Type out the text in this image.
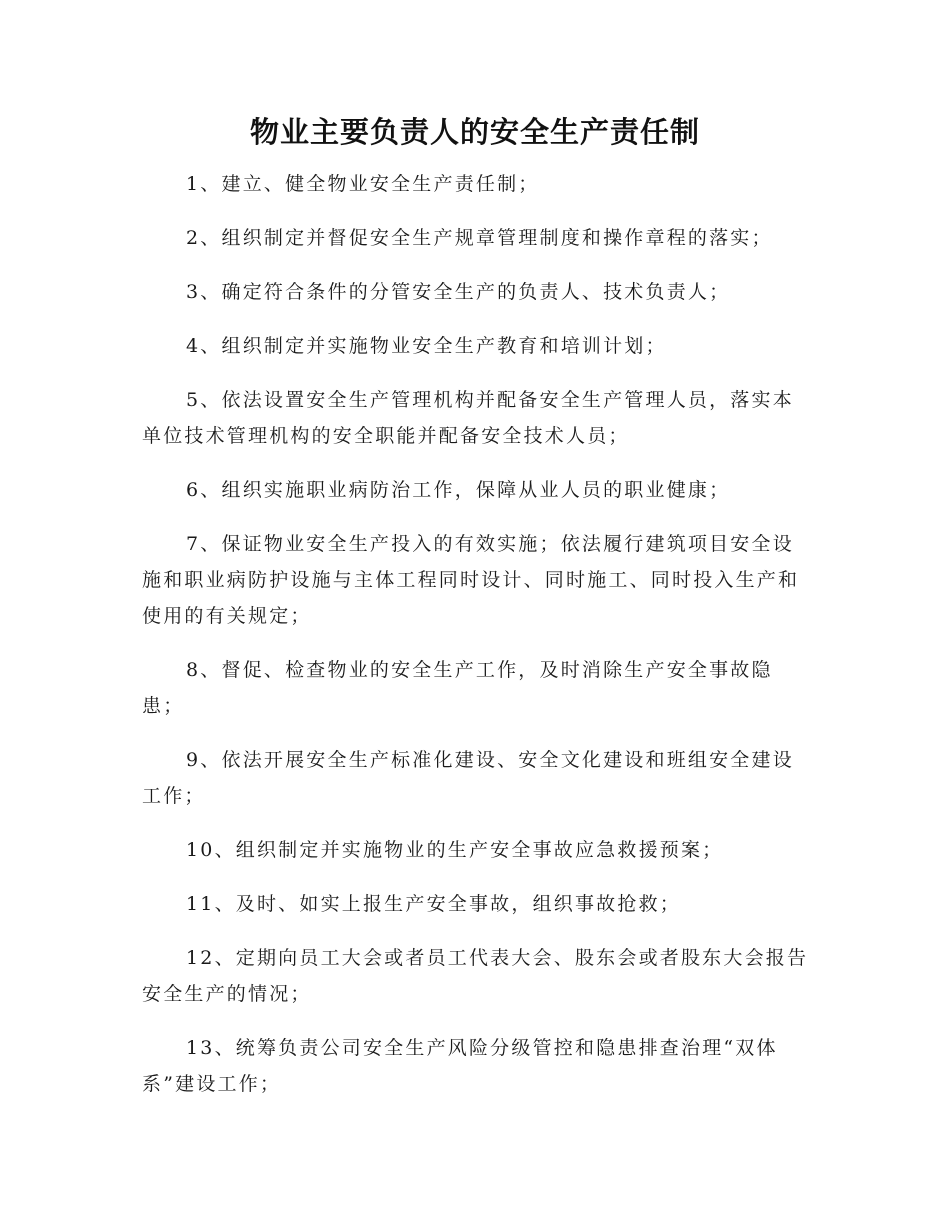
物业主要负责人的安全生产责任制

1、建立、健全物业安全生产责任制；

2、组织制定并督促安全生产规章管理制度和操作章程的落实；

3、确定符合条件的分管安全生产的负责人、技术负责人；

4、组织制定并实施物业安全生产教育和培训计划；

5、依法设置安全生产管理机构并配备安全生产管理人员，落实本单位技术管理机构的安全职能并配备安全技术人员；

6、组织实施职业病防治工作，保障从业人员的职业健康；

7、保证物业安全生产投入的有效实施；依法履行建筑项目安全设施和职业病防护设施与主体工程同时设计、同时施工、同时投入生产和使用的有关规定；

8、督促、检查物业的安全生产工作，及时消除生产安全事故隐患；

9、依法开展安全生产标准化建设、安全文化建设和班组安全建设工作；

10、组织制定并实施物业的生产安全事故应急救援预案；

11、及时、如实上报生产安全事故，组织事故抢救；

12、定期向员工大会或者员工代表大会、股东会或者股东大会报告安全生产的情况；

13、统筹负责公司安全生产风险分级管控和隐患排查治理“双体系”建设工作；
